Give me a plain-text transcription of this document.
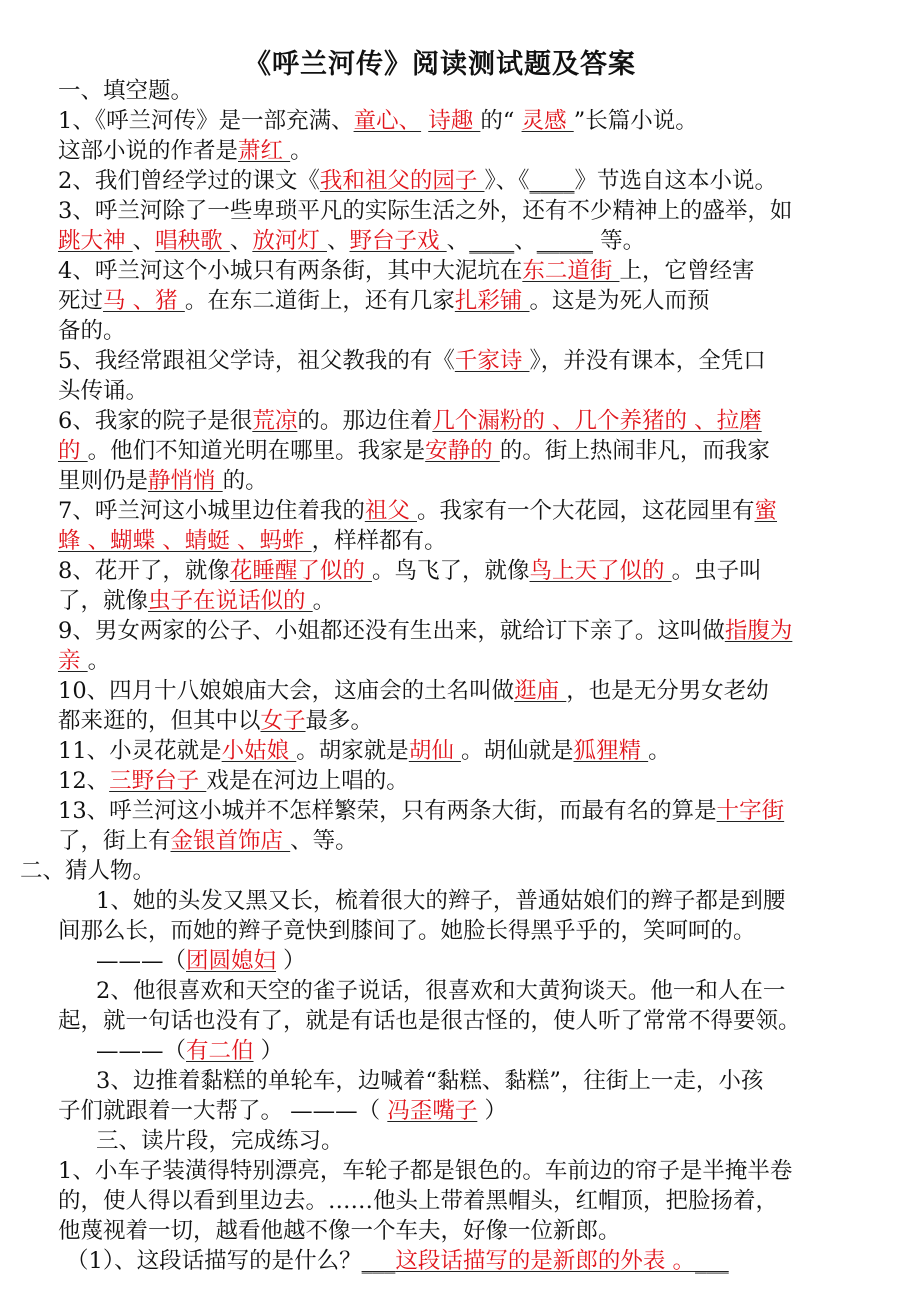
《呼兰河传》阅读测试题及答案
一、填空题。
1、《呼兰河传》是一部充满、童心、 诗趣 的“ 灵感 ”长篇小说。
这部小说的作者是萧红 。
2、我们曾经学过的课文《我和祖父的园子 》、《____》节选自这本小说。
3、呼兰河除了一些卑琐平凡的实际生活之外，还有不少精神上的盛举，如
跳大神 、唱秧歌 、放河灯 、野台子戏 、____、_____ 等。
4、呼兰河这个小城只有两条街，其中大泥坑在东二道街 上，它曾经害
死过马 、猪 。在东二道街上，还有几家扎彩铺 。这是为死人而预
备的。
5、我经常跟祖父学诗，祖父教我的有《千家诗 》，并没有课本，全凭口
头传诵。
6、我家的院子是很荒凉的。那边住着几个漏粉的 、几个养猪的 、拉磨
的 。他们不知道光明在哪里。我家是安静的 的。街上热闹非凡，而我家
里则仍是静悄悄 的。
7、呼兰河这小城里边住着我的祖父 。我家有一个大花园，这花园里有蜜
蜂 、蝴蝶 、蜻蜓 、蚂蚱 ，样样都有。
8、花开了，就像花睡醒了似的 。鸟飞了，就像鸟上天了似的 。虫子叫
了，就像虫子在说话似的 。
9、男女两家的公子、小姐都还没有生出来，就给订下亲了。这叫做指腹为
亲 。
10、四月十八娘娘庙大会，这庙会的土名叫做逛庙 ，也是无分男女老幼
都来逛的，但其中以女子最多。
11、小灵花就是小姑娘 。胡家就是胡仙 。胡仙就是狐狸精 。
12、三野台子 戏是在河边上唱的。
13、呼兰河这小城并不怎样繁荣，只有两条大街，而最有名的算是十字街
了，街上有金银首饰店 、等。
二、猜人物。
1、她的头发又黑又长，梳着很大的辫子，普通姑娘们的辫子都是到腰
间那么长，而她的辫子竟快到膝间了。她脸长得黑乎乎的，笑呵呵的。
———（团圆媳妇 ）
2、他很喜欢和天空的雀子说话，很喜欢和大黄狗谈天。他一和人在一
起，就一句话也没有了，就是有话也是很古怪的，使人听了常常不得要领。
———（有二伯 ）
3、边推着黏糕的单轮车，边喊着“黏糕、黏糕”，往街上一走，小孩
子们就跟着一大帮了。 ———（ 冯歪嘴子 ）
三、读片段，完成练习。
1、小车子装潢得特别漂亮，车轮子都是银色的。车前边的帘子是半掩半卷
的，使人得以看到里边去。……他头上带着黑帽头，红帽顶，把脸扬着，
他蔑视着一切，越看他越不像一个车夫，好像一位新郎。
（1）、这段话描写的是什么？___这段话描写的是新郎的外表 。___
